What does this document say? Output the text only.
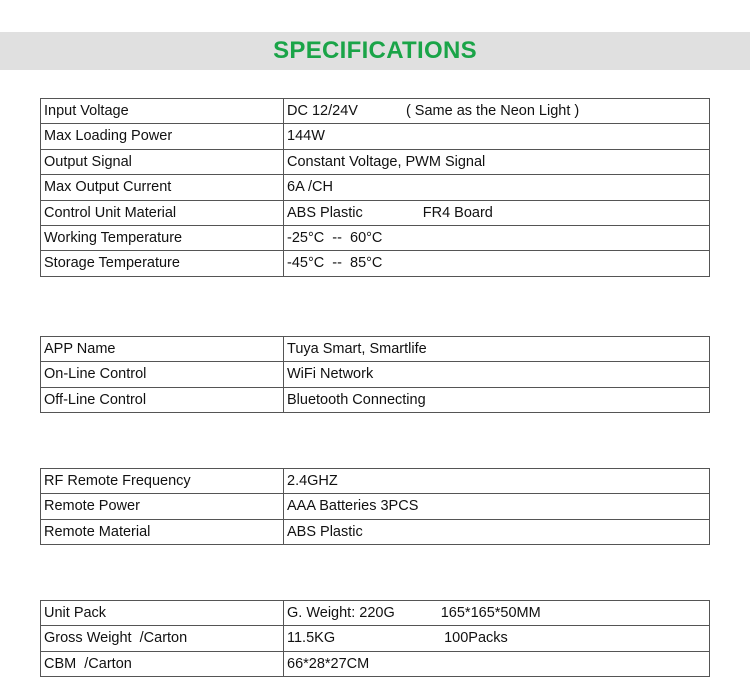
SPECIFICATIONS
Input Voltage	DC 12/24V ( Same as the Neon Light )
Max Loading Power	144W
Output Signal	Constant Voltage, PWM Signal
Max Output Current	6A /CH
Control Unit Material	ABS Plastic FR4 Board
Working Temperature	-25°C  --  60°C
Storage Temperature	-45°C  --  85°C
APP Name	Tuya Smart, Smartlife
On-Line Control	WiFi Network
Off-Line Control	Bluetooth Connecting
RF Remote Frequency	2.4GHZ
Remote Power	AAA Batteries 3PCS
Remote Material	ABS Plastic
Unit Pack	G. Weight: 220G 165*165*50MM
Gross Weight  /Carton	11.5KG 100Packs
CBM  /Carton	66*28*27CM
